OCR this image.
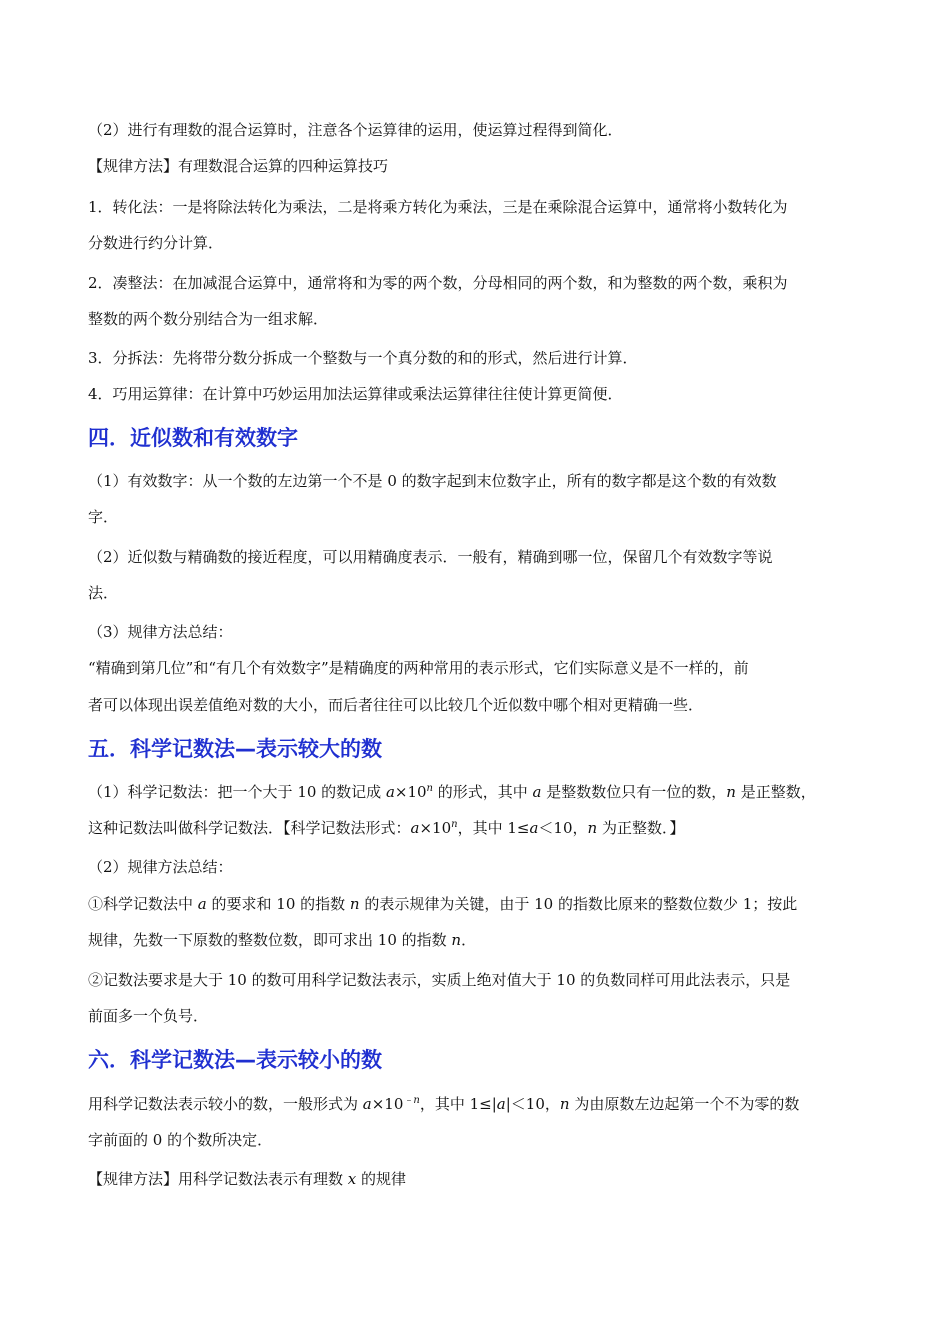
（2）进行有理数的混合运算时，注意各个运算律的运用，使运算过程得到简化．
【规律方法】有理数混合运算的四种运算技巧
1．转化法：一是将除法转化为乘法，二是将乘方转化为乘法，三是在乘除混合运算中，通常将小数转化为
分数进行约分计算．
2．凑整法：在加减混合运算中，通常将和为零的两个数，分母相同的两个数，和为整数的两个数，乘积为
整数的两个数分别结合为一组求解．
3．分拆法：先将带分数分拆成一个整数与一个真分数的和的形式，然后进行计算．
4．巧用运算律：在计算中巧妙运用加法运算律或乘法运算律往往使计算更简便．
四．近似数和有效数字
（1）有效数字：从一个数的左边第一个不是 0 的数字起到末位数字止，所有的数字都是这个数的有效数
字．
（2）近似数与精确数的接近程度，可以用精确度表示．一般有，精确到哪一位，保留几个有效数字等说
法．
（3）规律方法总结：
“精确到第几位”和“有几个有效数字”是精确度的两种常用的表示形式，它们实际意义是不一样的，前
者可以体现出误差值绝对数的大小，而后者往往可以比较几个近似数中哪个相对更精确一些．
五．科学记数法—表示较大的数
（1）科学记数法：把一个大于 10 的数记成 $a\times 10^n$ 的形式，其中 a 是整数数位只有一位的数，n 是正整数，
这种记数法叫做科学记数法．【科学记数法形式：$a\times 10^n$，其中 1≤a＜10，n 为正整数．】
（2）规律方法总结：
①科学记数法中 a 的要求和 10 的指数 n 的表示规律为关键，由于 10 的指数比原来的整数位数少 1；按此
规律，先数一下原数的整数位数，即可求出 10 的指数 n．
②记数法要求是大于 10 的数可用科学记数法表示，实质上绝对值大于 10 的负数同样可用此法表示，只是
前面多一个负号．
六．科学记数法—表示较小的数
用科学记数法表示较小的数，一般形式为 $a\times 10^{﹣n}$，其中 1≤|a|＜10，n 为由原数左边起第一个不为零的数
字前面的 0 的个数所决定．
【规律方法】用科学记数法表示有理数 x 的规律
